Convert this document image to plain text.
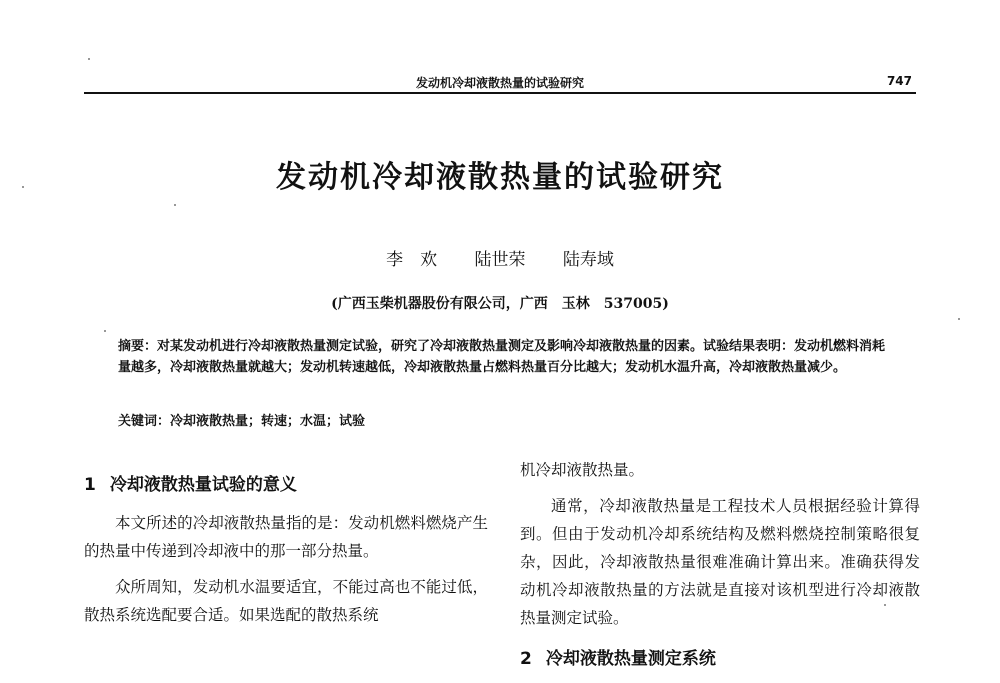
发动机冷却液散热量的试验研究	747
发动机冷却液散热量的试验研究
李　欢 陆世荣 陆寿域
(广西玉柴机器股份有限公司，广西　玉林　537005)
摘要：对某发动机进行冷却液散热量测定试验，研究了冷却液散热量测定及影响冷却液散热量的因素。试验结果表明：发动机燃料消耗量越多，冷却液散热量就越大；发动机转速越低，冷却液散热量占燃料热量百分比越大；发动机水温升高，冷却液散热量减少。
关键词：冷却液散热量；转速；水温；试验
1 冷却液散热量试验的意义

本文所述的冷却液散热量指的是：发动机燃料燃烧产生的热量中传递到冷却液中的那一部分热量。

众所周知，发动机水温要适宜，不能过高也不能过低，散热系统选配要合适。如果选配的散热系统

机冷却液散热量。

通常，冷却液散热量是工程技术人员根据经验计算得到。但由于发动机冷却系统结构及燃料燃烧控制策略很复杂，因此，冷却液散热量很难准确计算出来。准确获得发动机冷却液散热量的方法就是直接对该机型进行冷却液散热量测定试验。

2 冷却液散热量测定系统
